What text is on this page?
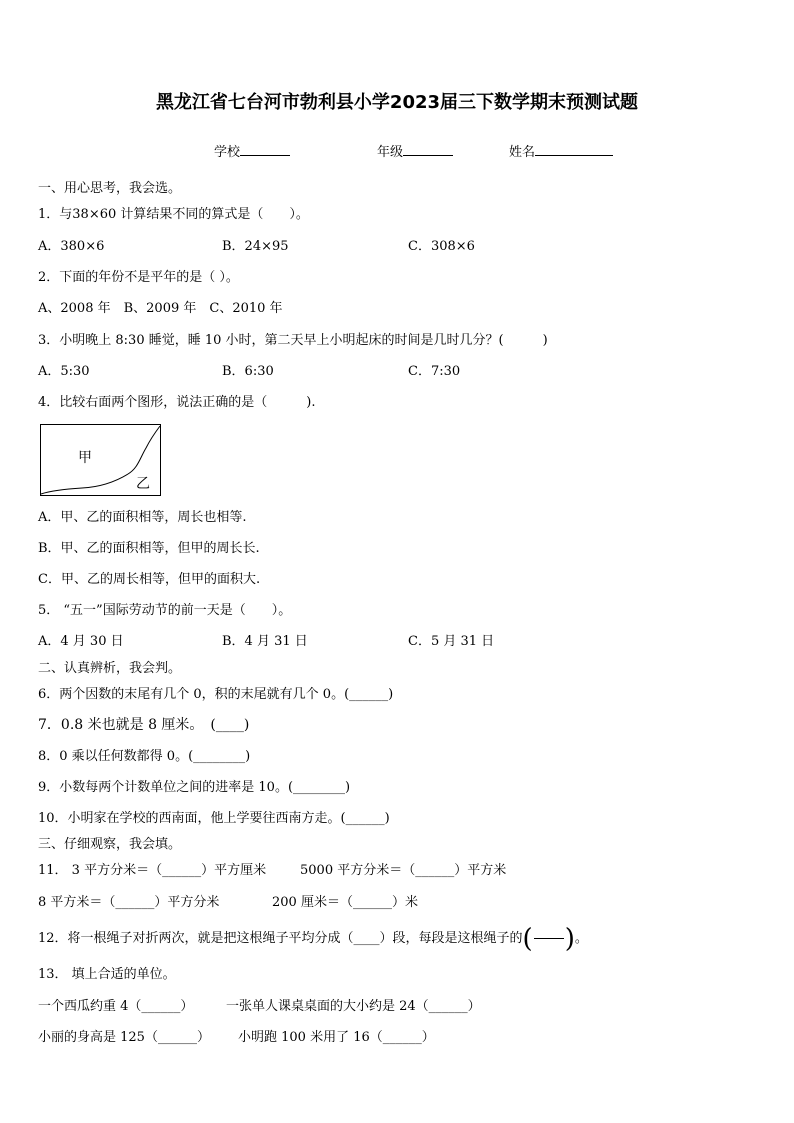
黑龙江省七台河市勃利县小学2023届三下数学期末预测试题
学校	年级	姓名
一、用心思考，我会选。
1．与38×60 计算结果不同的算式是（　　）。
A．380×6	B．24×95	C．308×6
2．下面的年份不是平年的是（ ）。
A、2008 年　B、2009 年　C、2010 年
3．小明晚上 8:30 睡觉，睡 10 小时，第二天早上小明起床的时间是几时几分？(　　　)
A．5:30	B．6:30	C．7:30
4．比较右面两个图形，说法正确的是（　　　).
甲
乙
A．甲、乙的面积相等，周长也相等.
B．甲、乙的面积相等，但甲的周长长.
C．甲、乙的周长相等，但甲的面积大.
5． “五一”国际劳动节的前一天是（　　）。
A．4 月 30 日	B．4 月 31 日	C．5 月 31 日
二、认真辨析，我会判。
6．两个因数的末尾有几个 0，积的末尾就有几个 0。(______)
7．0.8 米也就是 8 厘米。　(____)
8．0 乘以任何数都得 0。(________)
9．小数每两个计数单位之间的进率是 10。(________)
10．小明家在学校的西南面，他上学要往西南方走。(______)
三、仔细观察，我会填。
11． 3 平方分米＝（______）平方厘米	5000 平方分米＝（______）平方米
8 平方米＝（______）平方分米	200 厘米＝（______）米
12．将一根绳子对折两次，就是把这根绳子平均分成（____）段，每段是这根绳子的 ( ) 。
13． 填上合适的单位。
一个西瓜约重 4（______）	一张单人课桌桌面的大小约是 24（______）
小丽的身高是 125（______） 小明跑 100 米用了 16（______）
